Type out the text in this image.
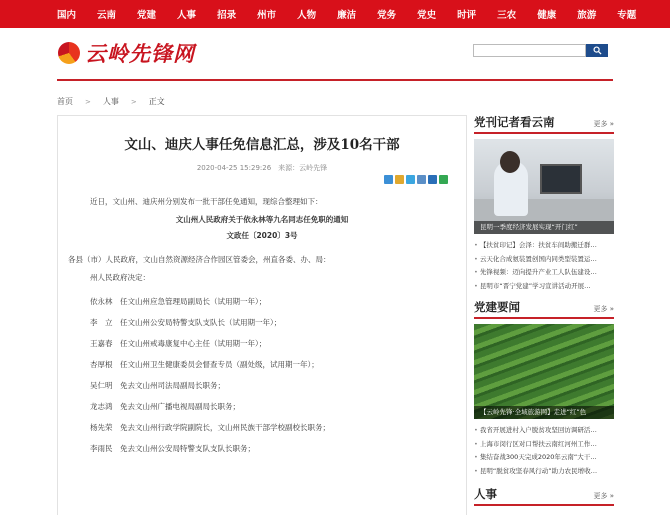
国内 云南 党建 人事 招录 州市 人物 廉洁 党务 党史 时评 三农 健康 旅游 专题
云岭先锋网
首页 > 人事 > 正文
文山、迪庆人事任免信息汇总，涉及10名干部
2020-04-25 15:29:26　来源：云岭先锋

近日，文山州、迪庆州分别发布一批干部任免通知，现综合整理如下：

文山州人民政府关于依永林等九名同志任免职的通知

文政任〔2020〕3号

各县（市）人民政府，文山自然资源经济合作园区管委会，州直各委、办、局：

州人民政府决定：

依永林　任文山州应急管理局副局长（试用期一年）；

李　立　任文山州公安局特警支队支队长（试用期一年）；

王嘉春　任文山州戒毒康复中心主任（试用期一年）；

杏厚根　任文山州卫生健康委员会督查专员（副处级，试用期一年）；

吴仁明　免去文山州司法局副局长职务；

龙志鸿　免去文山州广播电视局副局长职务；

杨先荣　免去文山州行政学院副院长，文山州民族干部学校副校长职务；

李雨民　免去文山州公安局特警支队支队长职务；

党刊记者看云南	更多 »
昆明一季度经济发展实现“开门红”
• 【扶贫印记】会泽：扶贫车间助搬迁群…
• 云天化合成氨装置创国内同类型装置运…
• 先锋视频：迈向提升产业工人队伍建设…
• 昆明市“晋宁党建”学习宣讲活动开展…
党建要闻	更多 »
【云岭先锋·全域旅游网】走进“红”色
• 我省开展进村入户脱贫攻坚回访调研活…
• 上海市闵行区对口帮扶云南红河州工作…
• 集结奋战300天完成2020年云南“大干…
• 昆明“脱贫攻坚春风行动”助力农民增收…
人事	更多 »
